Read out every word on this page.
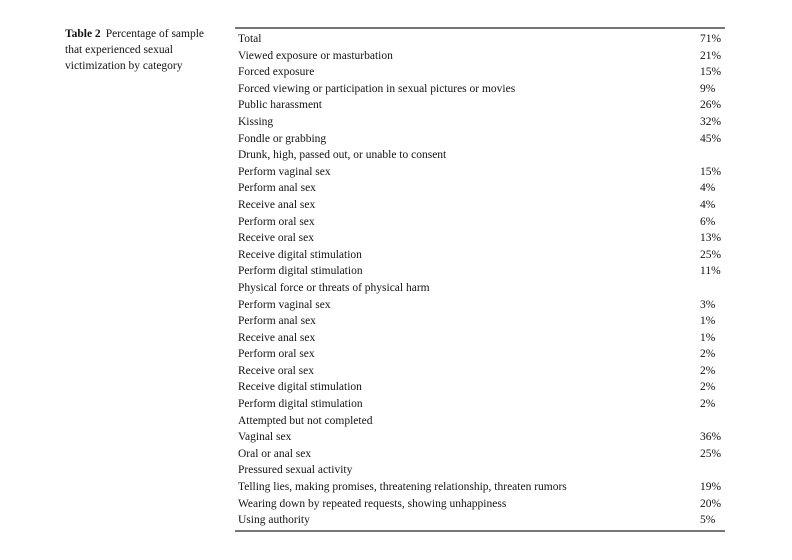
Table 2 Percentage of sample that experienced sexual victimization by category
Total	71%
Viewed exposure or masturbation	21%
Forced exposure	15%
Forced viewing or participation in sexual pictures or movies	9%
Public harassment	26%
Kissing	32%
Fondle or grabbing	45%
Drunk, high, passed out, or unable to consent
Perform vaginal sex	15%
Perform anal sex	4%
Receive anal sex	4%
Perform oral sex	6%
Receive oral sex	13%
Receive digital stimulation	25%
Perform digital stimulation	11%
Physical force or threats of physical harm
Perform vaginal sex	3%
Perform anal sex	1%
Receive anal sex	1%
Perform oral sex	2%
Receive oral sex	2%
Receive digital stimulation	2%
Perform digital stimulation	2%
Attempted but not completed
Vaginal sex	36%
Oral or anal sex	25%
Pressured sexual activity
Telling lies, making promises, threatening relationship, threaten rumors	19%
Wearing down by repeated requests, showing unhappiness	20%
Using authority	5%
